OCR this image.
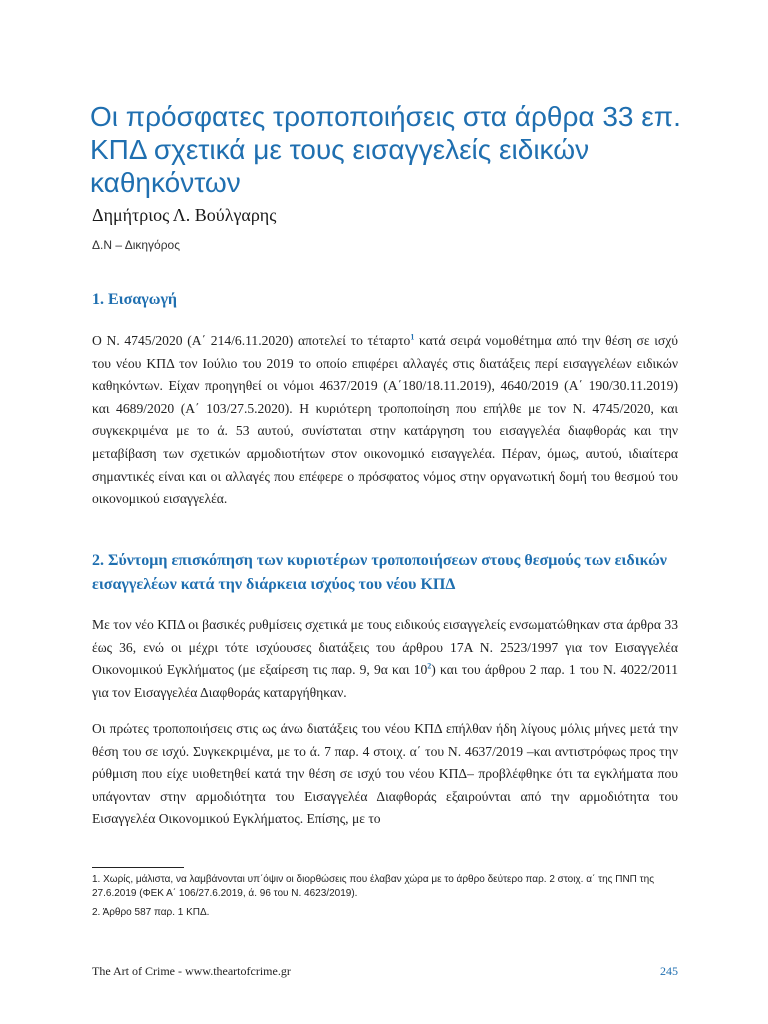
Οι πρόσφατες τροποποιήσεις στα άρθρα 33 επ. ΚΠΔ σχετικά με τους εισαγγελείς ειδικών καθηκόντων
Δημήτριος Λ. Βούλγαρης
Δ.Ν – Δικηγόρος
1. Εισαγωγή

Ο Ν. 4745/2020 (Α΄ 214/6.11.2020) αποτελεί το τέταρτο$^1$ κατά σειρά νομοθέτημα από την θέση σε ισχύ του νέου ΚΠΔ τον Ιούλιο του 2019 το οποίο επιφέρει αλλαγές στις διατάξεις περί εισαγγελέων ειδικών καθηκόντων. Είχαν προηγηθεί οι νόμοι 4637/2019 (Α΄180/18.11.2019), 4640/2019 (Α΄ 190/30.11.2019) και 4689/2020 (Α΄ 103/27.5.2020). Η κυριότερη τροποποίηση που επήλθε με τον Ν. 4745/2020, και συγκεκριμένα με το ά. 53 αυτού, συνίσταται στην κατάργηση του εισαγγελέα διαφθοράς και την μεταβίβαση των σχετικών αρμοδιοτήτων στον οικονομικό εισαγγελέα. Πέραν, όμως, αυτού, ιδιαίτερα σημαντικές είναι και οι αλλαγές που επέφερε ο πρόσφατος νόμος στην οργανωτική δομή του θεσμού του οικονομικού εισαγγελέα.

2. Σύντομη επισκόπηση των κυριοτέρων τροποποιήσεων στους θεσμούς των ειδικών εισαγγελέων κατά την διάρκεια ισχύος του νέου ΚΠΔ

Με τον νέο ΚΠΔ οι βασικές ρυθμίσεις σχετικά με τους ειδικούς εισαγγελείς ενσωματώθηκαν στα άρθρα 33 έως 36, ενώ οι μέχρι τότε ισχύουσες διατάξεις του άρθρου 17Α Ν. 2523/1997 για τον Εισαγγελέα Οικονομικού Εγκλήματος (με εξαίρεση τις παρ. 9, 9α και $10^2$) και του άρθρου 2 παρ. 1 του Ν. 4022/2011 για τον Εισαγγελέα Διαφθοράς καταργήθηκαν.

Οι πρώτες τροποποιήσεις στις ως άνω διατάξεις του νέου ΚΠΔ επήλθαν ήδη λίγους μόλις μήνες μετά την θέση του σε ισχύ. Συγκεκριμένα, με το ά. 7 παρ. 4 στοιχ. α΄ του Ν. 4637/2019 –και αντιστρόφως προς την ρύθμιση που είχε υιοθετηθεί κατά την θέση σε ισχύ του νέου ΚΠΔ– προβλέφθηκε ότι τα εγκλήματα που υπάγονταν στην αρμοδιότητα του Εισαγγελέα Διαφθοράς εξαιρούνται από την αρμοδιότητα του Εισαγγελέα Οικονομικού Εγκλήματος. Επίσης, με το

1. Χωρίς, μάλιστα, να λαμβάνονται υπ΄όψιν οι διορθώσεις που έλαβαν χώρα με το άρθρο δεύτερο παρ. 2 στοιχ. α΄ της ΠΝΠ της 27.6.2019 (ΦΕΚ Α΄ 106/27.6.2019, ά. 96 του Ν. 4623/2019).

2. Άρθρο 587 παρ. 1 ΚΠΔ.

The Art of Crime - www.theartofcrime.gr	245
